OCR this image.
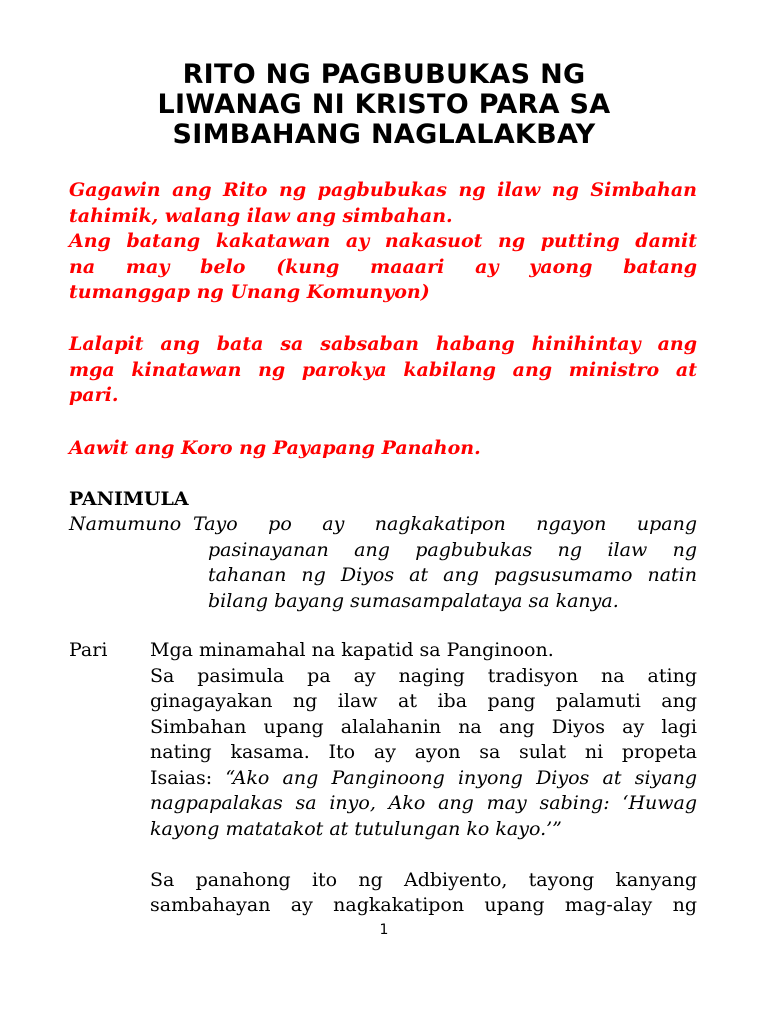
RITO NG PAGBUBUKAS NG
LIWANAG NI KRISTO PARA SA
SIMBAHANG NAGLALAKBAY
Gagawin ang Rito ng pagbubukas ng ilaw ng Simbahan
tahimik, walang ilaw ang simbahan.
Ang batang kakatawan ay nakasuot ng putting damit
na may belo (kung maaari ay yaong batang
tumanggap ng Unang Komunyon)
Lalapit ang bata sa sabsaban habang hinihintay ang
mga kinatawan ng parokya kabilang ang ministro at
pari.
Aawit ang Koro ng Payapang Panahon.
PANIMULA
Namumuno Tayo po ay nagkakatipon ngayon upang
pasinayanan ang pagbubukas ng ilaw ng
tahanan ng Diyos at ang pagsusumamo natin
bilang bayang sumasampalataya sa kanya.
Pari Mga minamahal na kapatid sa Panginoon.
Sa pasimula pa ay naging tradisyon na ating
ginagayakan ng ilaw at iba pang palamuti ang
Simbahan upang alalahanin na ang Diyos ay lagi
nating kasama. Ito ay ayon sa sulat ni propeta
Isaias: “Ako ang Panginoong inyong Diyos at siyang
nagpapalakas sa inyo, Ako ang may sabing: ‘Huwag
kayong matatakot at tutulungan ko kayo.’”
Sa panahong ito ng Adbiyento, tayong kanyang
sambahayan ay nagkakatipon upang mag-alay ng
1
